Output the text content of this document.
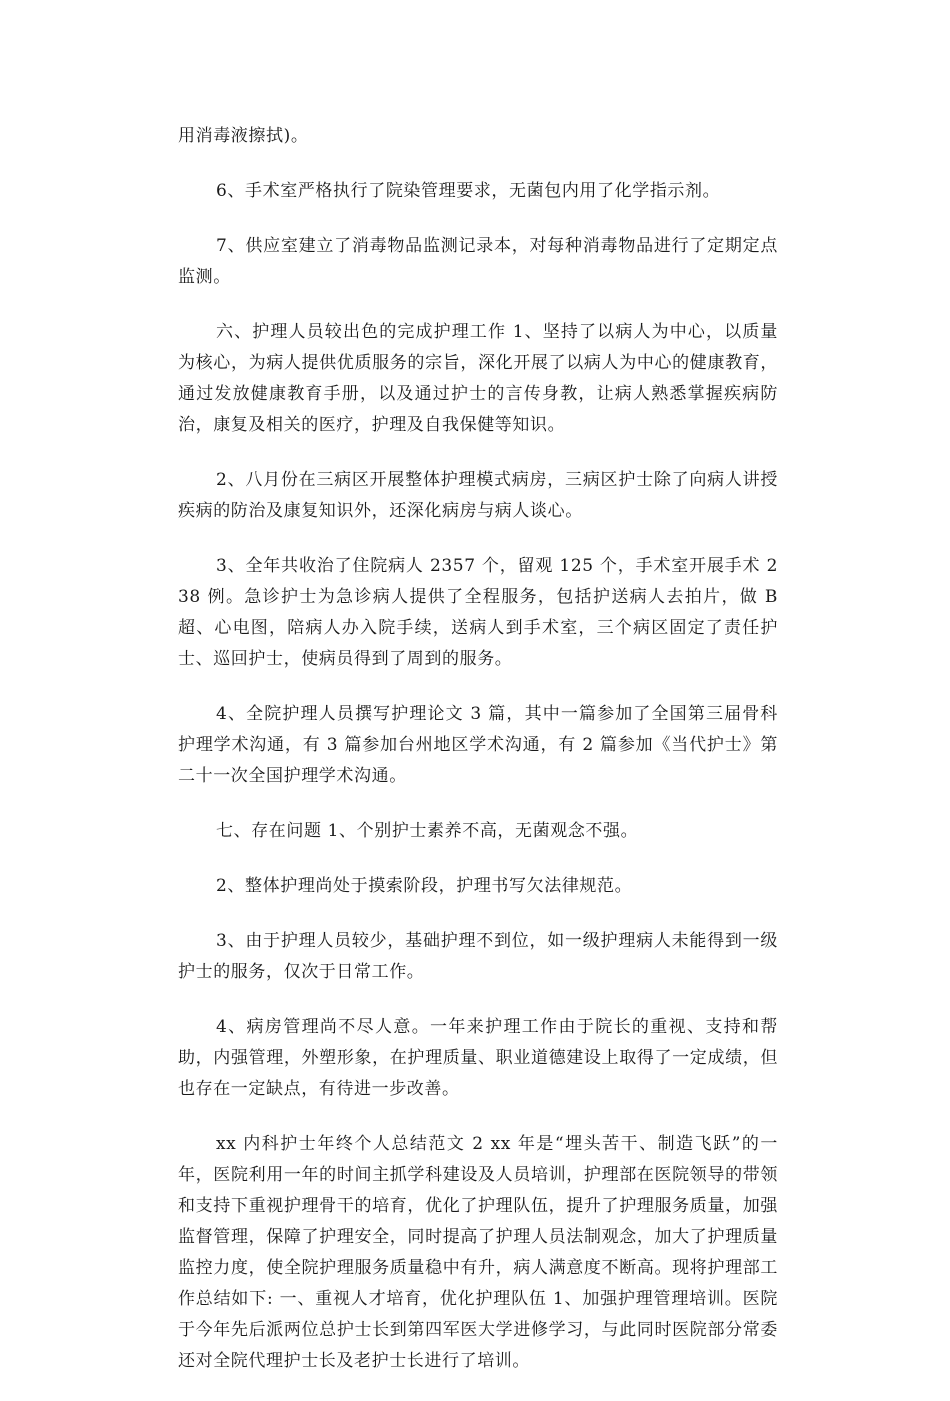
用消毒液擦拭)。

6、手术室严格执行了院染管理要求，无菌包内用了化学指示剂。

7、供应室建立了消毒物品监测记录本，对每种消毒物品进行了定期定点监测。

六、护理人员较出色的完成护理工作 1、坚持了以病人为中心，以质量为核心，为病人提供优质服务的宗旨，深化开展了以病人为中心的健康教育，通过发放健康教育手册，以及通过护士的言传身教，让病人熟悉掌握疾病防治，康复及相关的医疗，护理及自我保健等知识。

2、八月份在三病区开展整体护理模式病房，三病区护士除了向病人讲授疾病的防治及康复知识外，还深化病房与病人谈心。

3、全年共收治了住院病人 2357 个，留观 125 个，手术室开展手术 238 例。急诊护士为急诊病人提供了全程服务，包括护送病人去拍片，做 B 超、心电图，陪病人办入院手续，送病人到手术室，三个病区固定了责任护士、巡回护士，使病员得到了周到的服务。

4、全院护理人员撰写护理论文 3 篇，其中一篇参加了全国第三届骨科护理学术沟通，有 3 篇参加台州地区学术沟通，有 2 篇参加《当代护士》第二十一次全国护理学术沟通。

七、存在问题 1、个别护士素养不高，无菌观念不强。

2、整体护理尚处于摸索阶段，护理书写欠法律规范。

3、由于护理人员较少，基础护理不到位，如一级护理病人未能得到一级护士的服务，仅次于日常工作。

4、病房管理尚不尽人意。一年来护理工作由于院长的重视、支持和帮助，内强管理，外塑形象，在护理质量、职业道德建设上取得了一定成绩，但也存在一定缺点，有待进一步改善。

xx 内科护士年终个人总结范文 2 xx 年是“埋头苦干、制造飞跃”的一年，医院利用一年的时间主抓学科建设及人员培训，护理部在医院领导的带领和支持下重视护理骨干的培育，优化了护理队伍，提升了护理服务质量，加强监督管理，保障了护理安全，同时提高了护理人员法制观念，加大了护理质量监控力度，使全院护理服务质量稳中有升，病人满意度不断高。现将护理部工作总结如下: 一、重视人才培育，优化护理队伍 1、加强护理管理培训。医院于今年先后派两位总护士长到第四军医大学进修学习，与此同时医院部分常委还对全院代理护士长及老护士长进行了培训。
